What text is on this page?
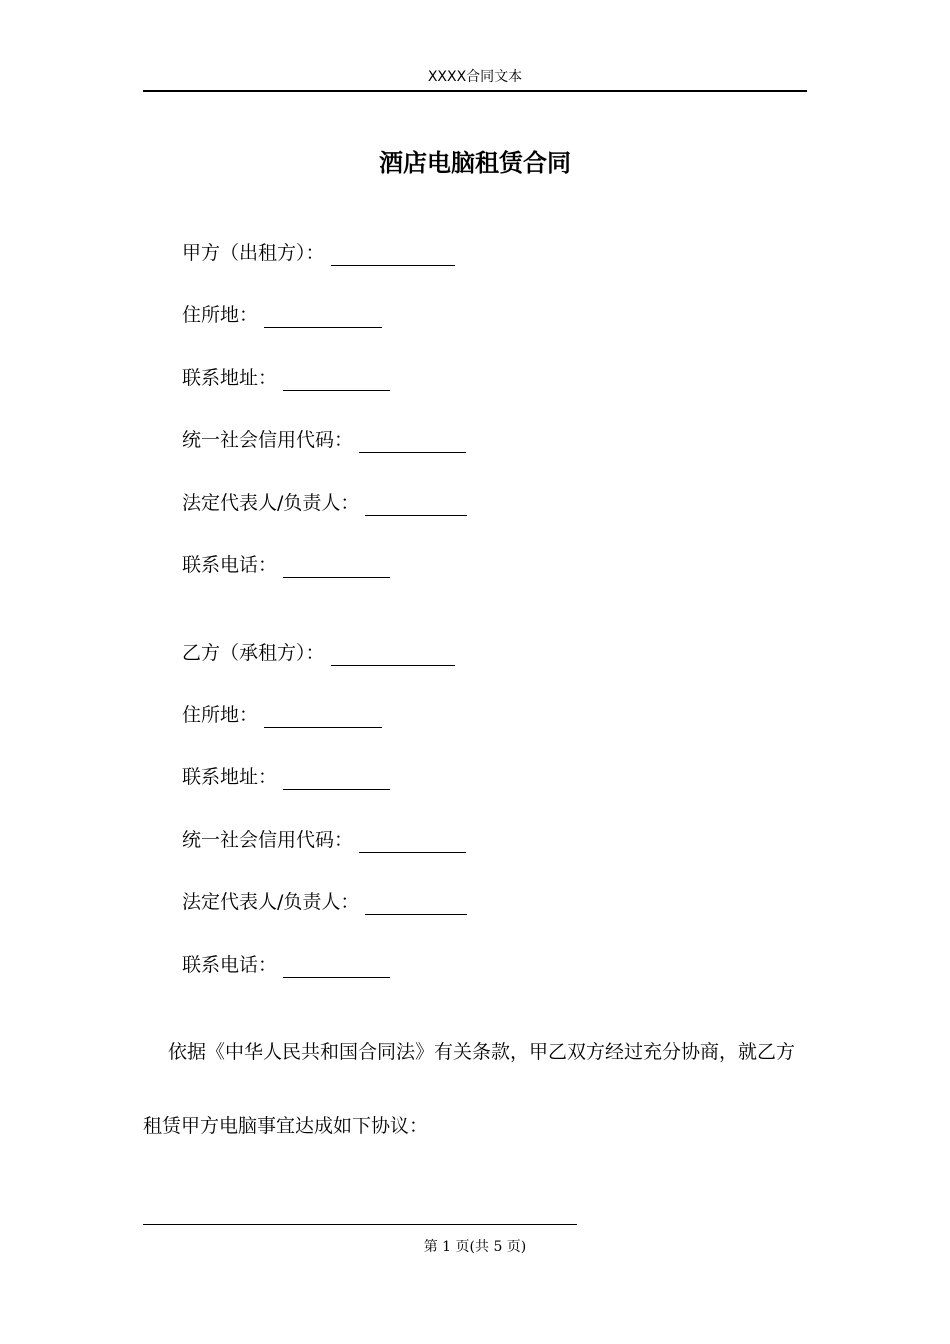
XXXX合同文本
酒店电脑租赁合同
甲方（出租方）：
住所地：
联系地址：
统一社会信用代码：
法定代表人/负责人：
联系电话：
乙方（承租方）：
住所地：
联系地址：
统一社会信用代码：
法定代表人/负责人：
联系电话：
依据《中华人民共和国合同法》有关条款，甲乙双方经过充分协商，就乙方
租赁甲方电脑事宜达成如下协议：
第 1 页(共 5 页)
